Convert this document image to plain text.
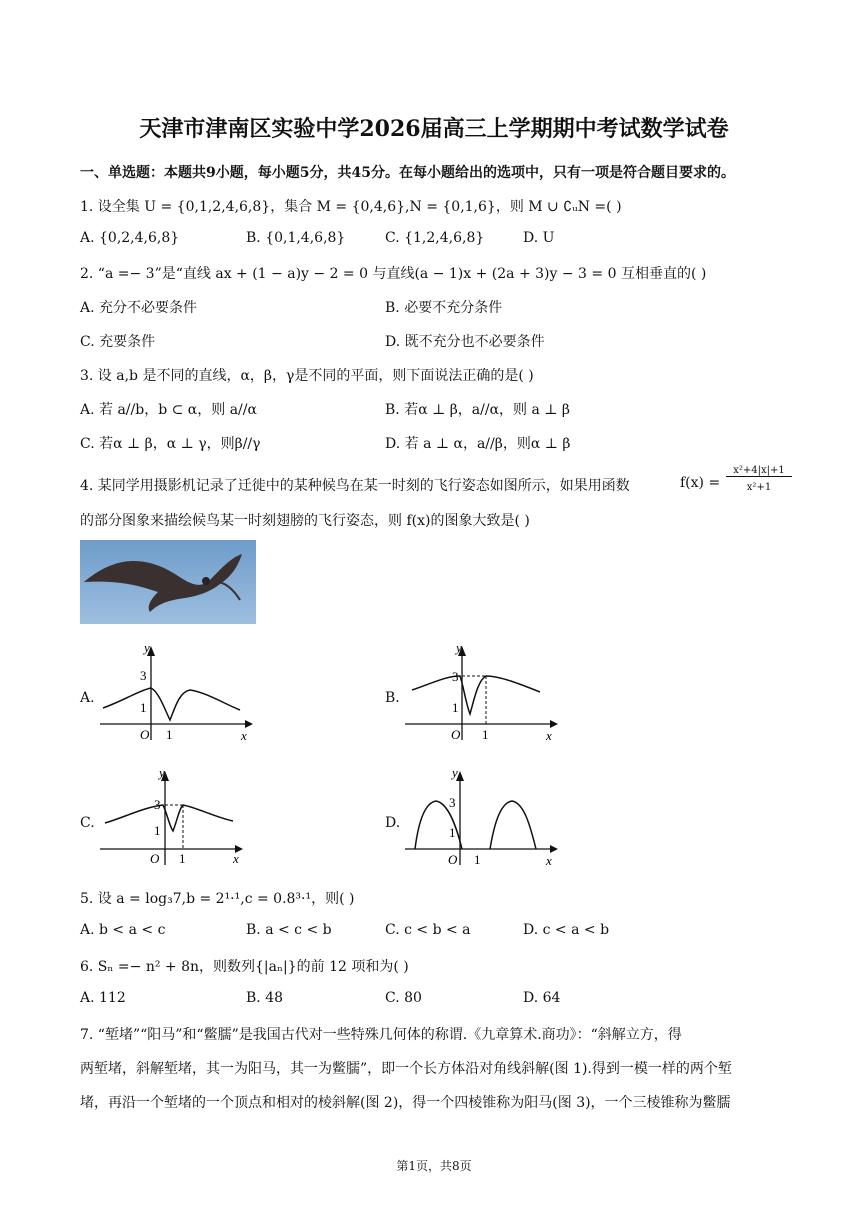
天津市津南区实验中学2026届高三上学期期中考试数学试卷
一、单选题：本题共9小题，每小题5分，共45分。在每小题给出的选项中，只有一项是符合题目要求的。
1. 设全集 U = {0,1,2,4,6,8}，集合 M = {0,4,6},N = {0,1,6}，则 M ∪ ∁ᵤN =( )
A. {0,2,4,6,8}	B. {0,1,4,6,8}	C. {1,2,4,6,8}	D. U
2. “a =− 3”是“直线 ax + (1 − a)y − 2 = 0 与直线(a − 1)x + (2a + 3)y − 3 = 0 互相垂直的( )
A. 充分不必要条件	B. 必要不充分条件
C. 充要条件	D. 既不充分也不必要条件
3. 设 a,b 是不同的直线，α，β，γ是不同的平面，则下面说法正确的是( )
A. 若 a//b，b ⊂ α，则 a//α	B. 若α ⊥ β，a//α，则 a ⊥ β
C. 若α ⊥ β，α ⊥ γ，则β//γ	D. 若 a ⊥ α，a//β，则α ⊥ β
4. 某同学用摄影机记录了迁徙中的某种候鸟在某一时刻的飞行姿态如图所示，如果用函数	f(x) =
x²+4|x|+1
x²+1
的部分图象来描绘候鸟某一时刻翅膀的飞行姿态，则 f(x)的图象大致是( )
A.	B.
C.	D.
y
x
O 1
1
3
y
x
O 1
1
3
y
x
O 1
1
3
y
x
O 1
1
3
5. 设 a = log₃7,b = 2¹·¹,c = 0.8³·¹，则( )
A. b < a < c	B. a < c < b	C. c < b < a	D. c < a < b
6. Sₙ =− n² + 8n，则数列{|aₙ|}的前 12 项和为( )
A. 112	B. 48	C. 80	D. 64
7. “堑堵”“阳马”和“鳖臑”是我国古代对一些特殊几何体的称谓.《九章算术.商功》：“斜解立方，得
两堑堵，斜解堑堵，其一为阳马，其一为鳖臑”，即一个长方体沿对角线斜解(图 1).得到一模一样的两个堑
堵，再沿一个堑堵的一个顶点和相对的棱斜解(图 2)，得一个四棱锥称为阳马(图 3)，一个三棱锥称为鳖臑
第1页，共8页
